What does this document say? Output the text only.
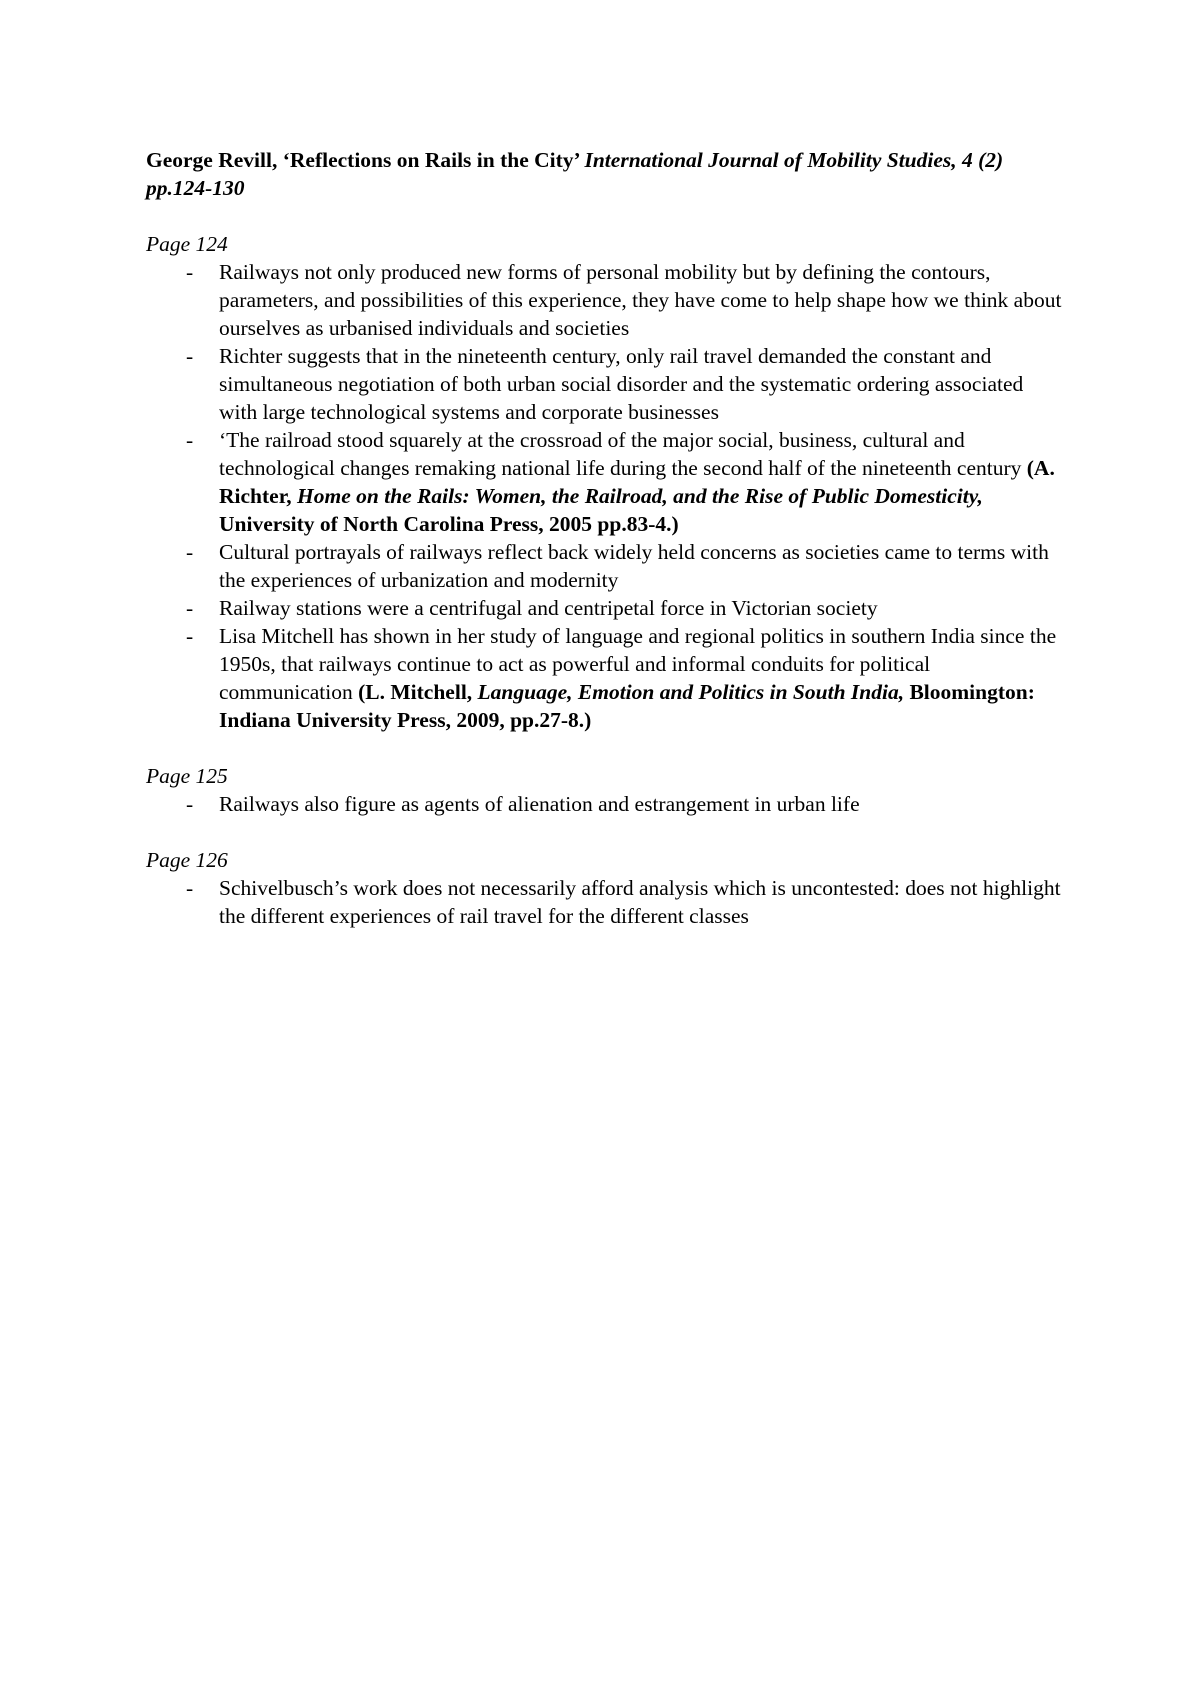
George Revill, ‘Reflections on Rails in the City’ International Journal of Mobility Studies, 4 (2) pp.124-130
Page 124
- Railways not only produced new forms of personal mobility but by defining the contours, parameters, and possibilities of this experience, they have come to help shape how we think about ourselves as urbanised individuals and societies
- Richter suggests that in the nineteenth century, only rail travel demanded the constant and simultaneous negotiation of both urban social disorder and the systematic ordering associated with large technological systems and corporate businesses
- ‘The railroad stood squarely at the crossroad of the major social, business, cultural and technological changes remaking national life during the second half of the nineteenth century (A. Richter, Home on the Rails: Women, the Railroad, and the Rise of Public Domesticity, University of North Carolina Press, 2005 pp.83-4.)
- Cultural portrayals of railways reflect back widely held concerns as societies came to terms with the experiences of urbanization and modernity
- Railway stations were a centrifugal and centripetal force in Victorian society
- Lisa Mitchell has shown in her study of language and regional politics in southern India since the 1950s, that railways continue to act as powerful and informal conduits for political communication (L. Mitchell, Language, Emotion and Politics in South India, Bloomington: Indiana University Press, 2009, pp.27-8.)
Page 125
- Railways also figure as agents of alienation and estrangement in urban life
Page 126
- Schivelbusch’s work does not necessarily afford analysis which is uncontested: does not highlight the different experiences of rail travel for the different classes
